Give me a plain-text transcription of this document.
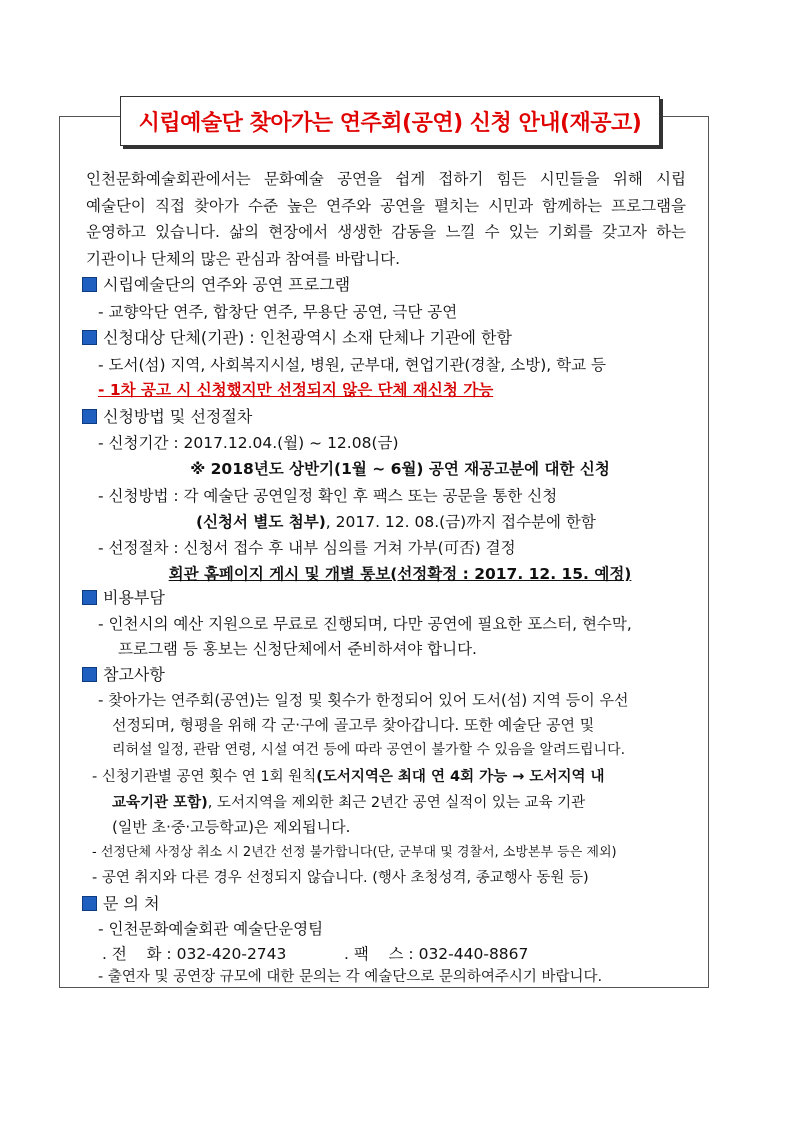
시립예술단 찾아가는 연주회(공연) 신청 안내(재공고)

인천문화예술회관에서는 문화예술 공연을 쉽게 접하기 힘든 시민들을 위해 시립

예술단이 직접 찾아가 수준 높은 연주와 공연을 펼치는 시민과 함께하는 프로그램을

운영하고 있습니다. 삶의 현장에서 생생한 감동을 느낄 수 있는 기회를 갖고자 하는

기관이나 단체의 많은 관심과 참여를 바랍니다.

시립예술단의 연주와 공연 프로그램
- 교향악단 연주, 합창단 연주, 무용단 공연, 극단 공연
신청대상 단체(기관) : 인천광역시 소재 단체나 기관에 한함
- 도서(섬) 지역, 사회복지시설, 병원, 군부대, 현업기관(경찰, 소방), 학교 등
- 1차 공고 시 신청했지만 선정되지 않은 단체 재신청 가능
신청방법 및 선정절차
- 신청기간 : 2017.12.04.(월) ~ 12.08(금)
※ 2018년도 상반기(1월 ~ 6월) 공연 재공고분에 대한 신청
- 신청방법 : 각 예술단 공연일정 확인 후 팩스 또는 공문을 통한 신청
(신청서 별도 첨부), 2017. 12. 08.(금)까지 접수분에 한함
- 선정절차 : 신청서 접수 후 내부 심의를 거쳐 가부(可否) 결정
회관 홈페이지 게시 및 개별 통보(선정확정 : 2017. 12. 15. 예정)
비용부담
- 인천시의 예산 지원으로 무료로 진행되며, 다만 공연에 필요한 포스터, 현수막,
프로그램 등 홍보는 신청단체에서 준비하셔야 합니다.
참고사항
- 찾아가는 연주회(공연)는 일정 및 횟수가 한정되어 있어 도서(섬) 지역 등이 우선
선정되며, 형평을 위해 각 군·구에 골고루 찾아갑니다. 또한 예술단 공연 및
리허설 일정, 관람 연령, 시설 여건 등에 따라 공연이 불가할 수 있음을 알려드립니다.
- 신청기관별 공연 횟수 연 1회 원칙(도서지역은 최대 연 4회 가능 → 도서지역 내
교육기관 포함), 도서지역을 제외한 최근 2년간 공연 실적이 있는 교육 기관
(일반 초·중·고등학교)은 제외됩니다.
- 선정단체 사정상 취소 시 2년간 선정 불가합니다(단, 군부대 및 경찰서, 소방본부 등은 제외)
- 공연 취지와 다른 경우 선정되지 않습니다. (행사 초청성격, 종교행사 동원 등)
문 의 처
- 인천문화예술회관 예술단운영팀
. 전    화 : 032-420-2743	. 팩    스 : 032-440-8867
- 출연자 및 공연장 규모에 대한 문의는 각 예술단으로 문의하여주시기 바랍니다.
